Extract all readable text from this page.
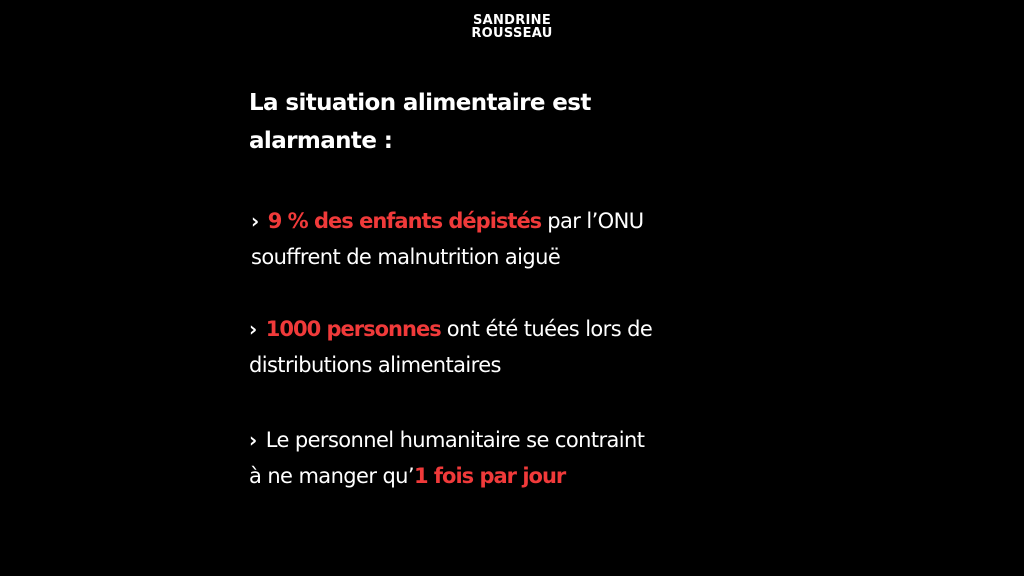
SANDRINE
ROUSSEAU
La situation alimentaire est
alarmante :

› 9 % des enfants dépistés par l’ONU
souffrent de malnutrition aiguë

› 1000 personnes ont été tuées lors de
distributions alimentaires

› Le personnel humanitaire se contraint
à ne manger qu’1 fois par jour
